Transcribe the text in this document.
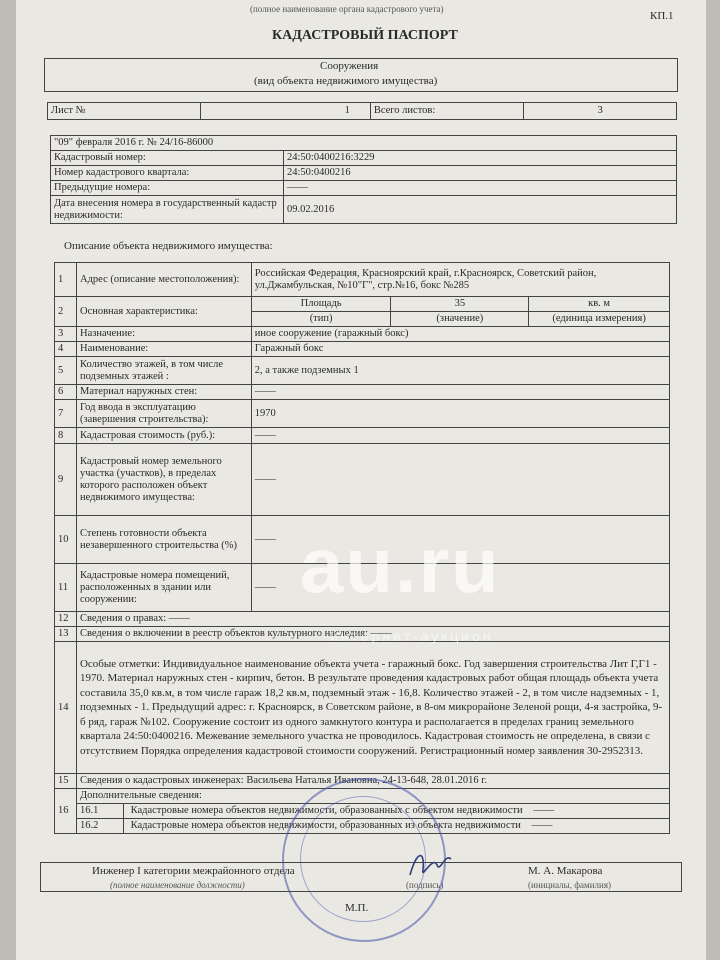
(полное наименование органа кадастрового учета)
КП.1
КАДАСТРОВЫЙ ПАСПОРТ
Сооружения
(вид объекта недвижимого имущества)
Лист №	1	Всего листов:	3
"09" февраля 2016 г. № 24/16-86000	
Кадастровый номер:	24:50:0400216:3229
Номер кадастрового квартала:	24:50:0400216
Предыдущие номера:	——
Дата внесения номера в государственный кадастр недвижимости:	09.02.2016
Описание объекта недвижимого имущества:
1	Адрес (описание местоположения):	Российская Федерация, Красноярский край, г.Красноярск, Советский район, ул.Джамбульская, №10"Г", стр.№16, бокс №285		
2	Основная характеристика:	Площадь	35	кв. м
		(тип)	(значение)	(единица измерения)
3	Назначение:	иное сооружение (гаражный бокс)		
4	Наименование:	Гаражный бокс		
5	Количество этажей, в том числе подземных этажей :	2, а также подземных 1		
6	Материал наружных стен:	——		
7	Год ввода в эксплуатацию (завершения строительства):	1970		
8	Кадастровая стоимость (руб.):	——		
9	Кадастровый номер земельного участка (участков), в пределах которого расположен объект недвижимого имущества:	——		
10	Степень готовности объекта незавершенного строительства (%)	——		
11	Кадастровые номера помещений, расположенных в здании или сооружении:	——		
12	Сведения о правах: ——			
13	Сведения о включении в реестр объектов культурного наследия: ——			
14	Особые отметки: Индивидуальное наименование объекта учета - гаражный бокс. Год завершения строительства Лит Г,Г1 - 1970. Материал наружных стен - кирпич, бетон. В результате проведения кадастровых работ общая площадь объекта учета составила 35,0 кв.м, в том числе гараж 18,2 кв.м, подземный этаж - 16,8. Количество этажей - 2, в том числе надземных - 1, подземных - 1. Предыдущий адрес: г. Красноярск, в Советском районе, в 8-ом микрорайоне Зеленой рощи, 4-я застройка, 9-б ряд, гараж №102. Сооружение состоит из одного замкнутого контура и располагается в пределах границ земельного квартала 24:50:0400216. Межевание земельного участка не проводилось. Кадастровая стоимость не определена, в связи с отсутствием Порядка определения кадастровой стоимости сооружений. Регистрационный номер заявления 30-2952313.			
15	Сведения о кадастровых инженерах: Васильева Наталья Ивановна, 24-13-648, 28.01.2016 г.			
16	Дополнительные сведения:			
	16.1 Кадастровые номера объектов недвижимости, образованных с объектом недвижимости ——			
	16.2 Кадастровые номера объектов недвижимости, образованных из объекта недвижимости ——			
Инженер I категории межрайонного отдела
(полное наименование должности)	(подпись)
М. А. Макарова
(инициалы, фамилия)
М.П.
au.ru
интернет-аукцион
